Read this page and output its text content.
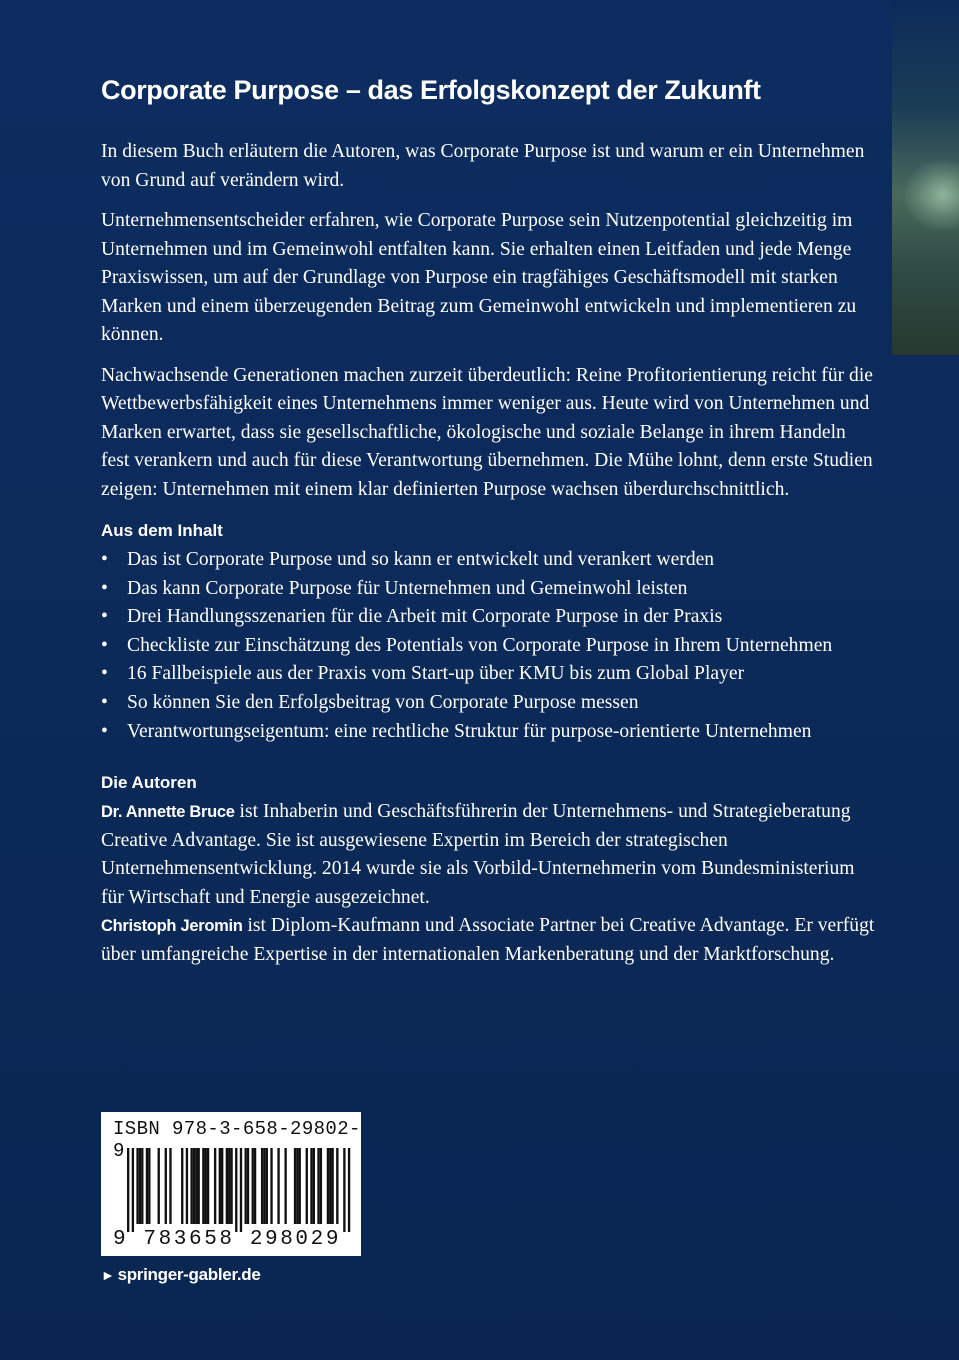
Corporate Purpose – das Erfolgskonzept der Zukunft

In diesem Buch erläutern die Autoren, was Corporate Purpose ist und warum er ein Unternehmen von Grund auf verändern wird.

Unternehmensentscheider erfahren, wie Corporate Purpose sein Nutzenpotential gleichzeitig im Unternehmen und im Gemeinwohl entfalten kann. Sie erhalten einen Leitfaden und jede Menge Praxiswissen, um auf der Grundlage von Purpose ein tragfähiges Geschäftsmodell mit starken Marken und einem überzeugenden Beitrag zum Gemeinwohl entwickeln und implementieren zu können.

Nachwachsende Generationen machen zurzeit überdeutlich: Reine Profitorientierung reicht für die Wettbewerbsfähigkeit eines Unternehmens immer weniger aus. Heute wird von Unternehmen und Marken erwartet, dass sie gesellschaftliche, ökologische und soziale Belange in ihrem Handeln fest verankern und auch für diese Verantwortung übernehmen. Die Mühe lohnt, denn erste Studien zeigen: Unternehmen mit einem klar definierten Purpose wachsen überdurchschnittlich.

Aus dem Inhalt
• Das ist Corporate Purpose und so kann er entwickelt und verankert werden
• Das kann Corporate Purpose für Unternehmen und Gemeinwohl leisten
• Drei Handlungsszenarien für die Arbeit mit Corporate Purpose in der Praxis
• Checkliste zur Einschätzung des Potentials von Corporate Purpose in Ihrem Unternehmen
• 16 Fallbeispiele aus der Praxis vom Start-up über KMU bis zum Global Player
• So können Sie den Erfolgsbeitrag von Corporate Purpose messen
• Verantwortungseigentum: eine rechtliche Struktur für purpose-orientierte Unternehmen
Die Autoren

Dr. Annette Bruce ist Inhaberin und Geschäftsführerin der Unternehmens- und Strategieberatung Creative Advantage. Sie ist ausgewiesene Expertin im Bereich der strategischen Unternehmensentwicklung. 2014 wurde sie als Vorbild-Unternehmerin vom Bundesministerium für Wirtschaft und Energie ausgezeichnet.

Christoph Jeromin ist Diplom-Kaufmann und Associate Partner bei Creative Advantage. Er verfügt über umfangreiche Expertise in der internationalen Markenberatung und der Marktforschung.

ISBN 978-3-658-29802-9
9 783658 298029
► springer-gabler.de
